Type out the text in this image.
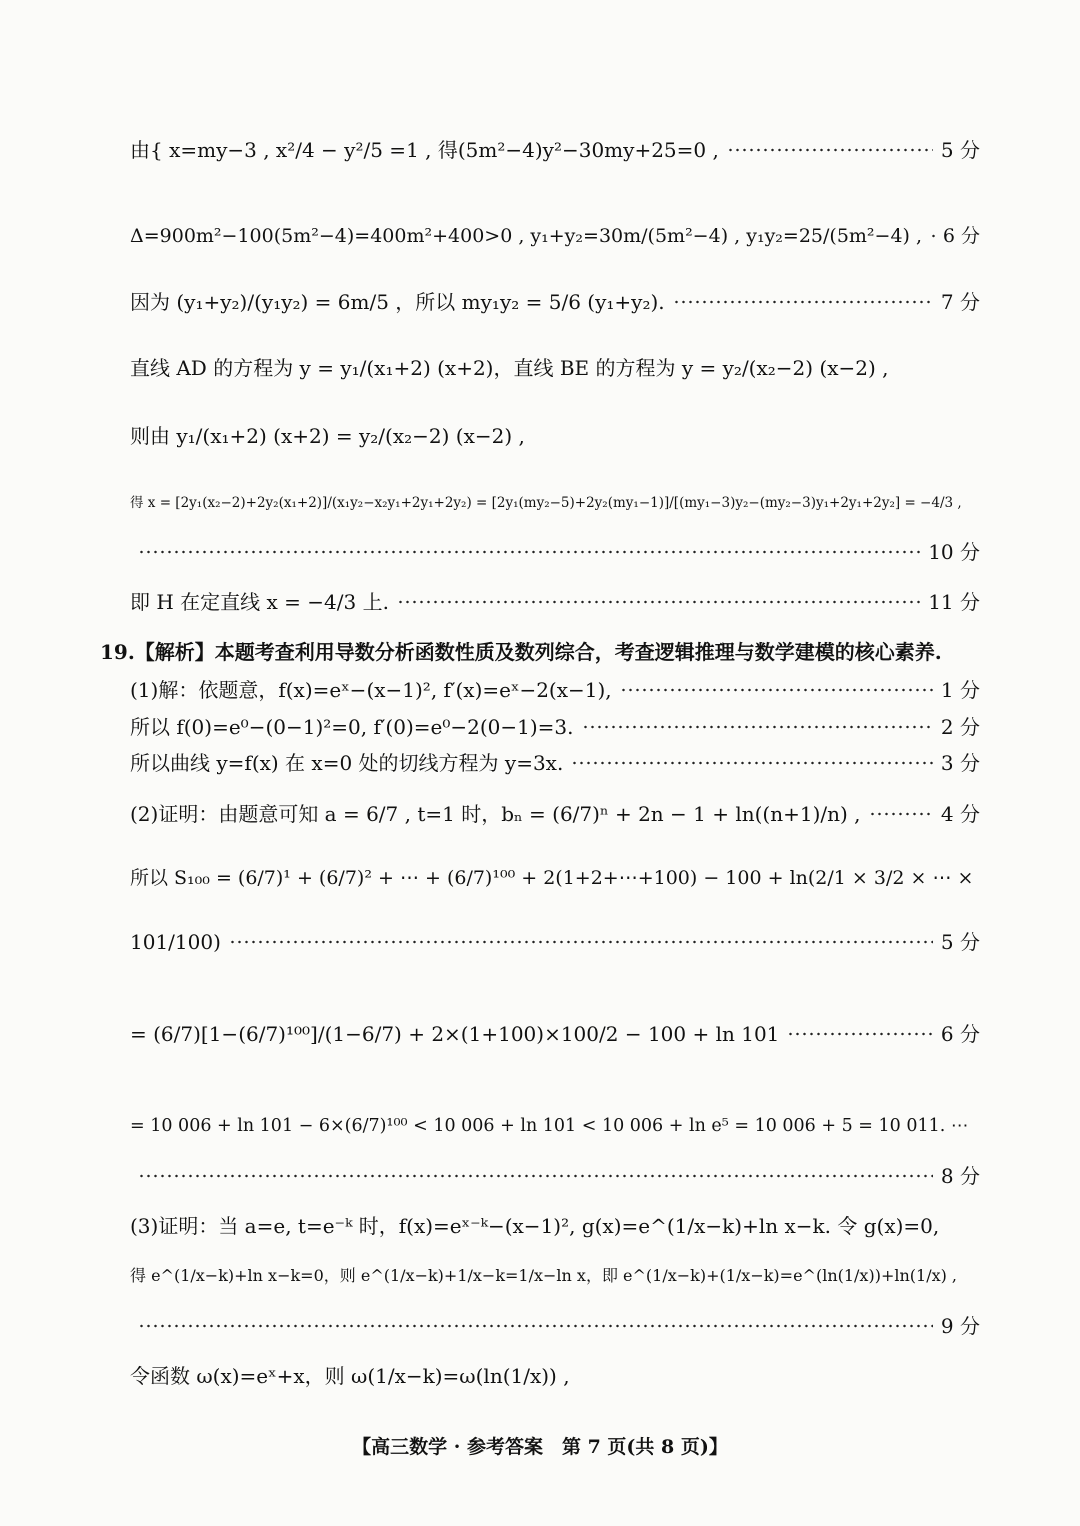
由{ x=my−3 , x²/4 − y²/5 =1 , 得(5m²−4)y²−30my+25=0 ,	5 分
Δ=900m²−100(5m²−4)=400m²+400>0 , y₁+y₂=30m/(5m²−4) , y₁y₂=25/(5m²−4) , 6 分
因为 (y₁+y₂)/(y₁y₂) = 6m/5 ，所以 my₁y₂ = 5/6 (y₁+y₂).	7 分
直线 AD 的方程为 y = y₁/(x₁+2) (x+2)，直线 BE 的方程为 y = y₂/(x₂−2) (x−2) ,
则由 y₁/(x₁+2) (x+2) = y₂/(x₂−2) (x−2) ,
得 x = [2y₁(x₂−2)+2y₂(x₁+2)]/(x₁y₂−x₂y₁+2y₁+2y₂) = [2y₁(my₂−5)+2y₂(my₁−1)]/[(my₁−3)y₂−(my₂−3)y₁+2y₁+2y₂] = −4/3 ,
10 分
即 H 在定直线 x = −4/3 上.	11 分
19.【解析】本题考查利用导数分析函数性质及数列综合，考查逻辑推理与数学建模的核心素养.
(1)解：依题意，f(x)=eˣ−(x−1)², f′(x)=eˣ−2(x−1),	1 分
所以 f(0)=e⁰−(0−1)²=0, f′(0)=e⁰−2(0−1)=3.	2 分
所以曲线 y=f(x) 在 x=0 处的切线方程为 y=3x.	3 分
(2)证明：由题意可知 a = 6/7 , t=1 时，bₙ = (6/7)ⁿ + 2n − 1 + ln((n+1)/n) ,	4 分
所以 S₁₀₀ = (6/7)¹ + (6/7)² + ⋯ + (6/7)¹⁰⁰ + 2(1+2+⋯+100) − 100 + ln(2/1 × 3/2 × ⋯ ×
101/100)	5 分
= (6/7)[1−(6/7)¹⁰⁰]/(1−6/7) + 2×(1+100)×100/2 − 100 + ln 101	6 分
= 10 006 + ln 101 − 6×(6/7)¹⁰⁰ < 10 006 + ln 101 < 10 006 + ln e⁵ = 10 006 + 5 = 10 011. ⋯
8 分
(3)证明：当 a=e, t=e⁻ᵏ 时，f(x)=eˣ⁻ᵏ−(x−1)², g(x)=e^(1/x−k)+ln x−k. 令 g(x)=0,
得 e^(1/x−k)+ln x−k=0，则 e^(1/x−k)+1/x−k=1/x−ln x，即 e^(1/x−k)+(1/x−k)=e^(ln(1/x))+ln(1/x) ,
9 分
令函数 ω(x)=eˣ+x，则 ω(1/x−k)=ω(ln(1/x)) ,
【高三数学 · 参考答案　第 7 页(共 8 页)】
